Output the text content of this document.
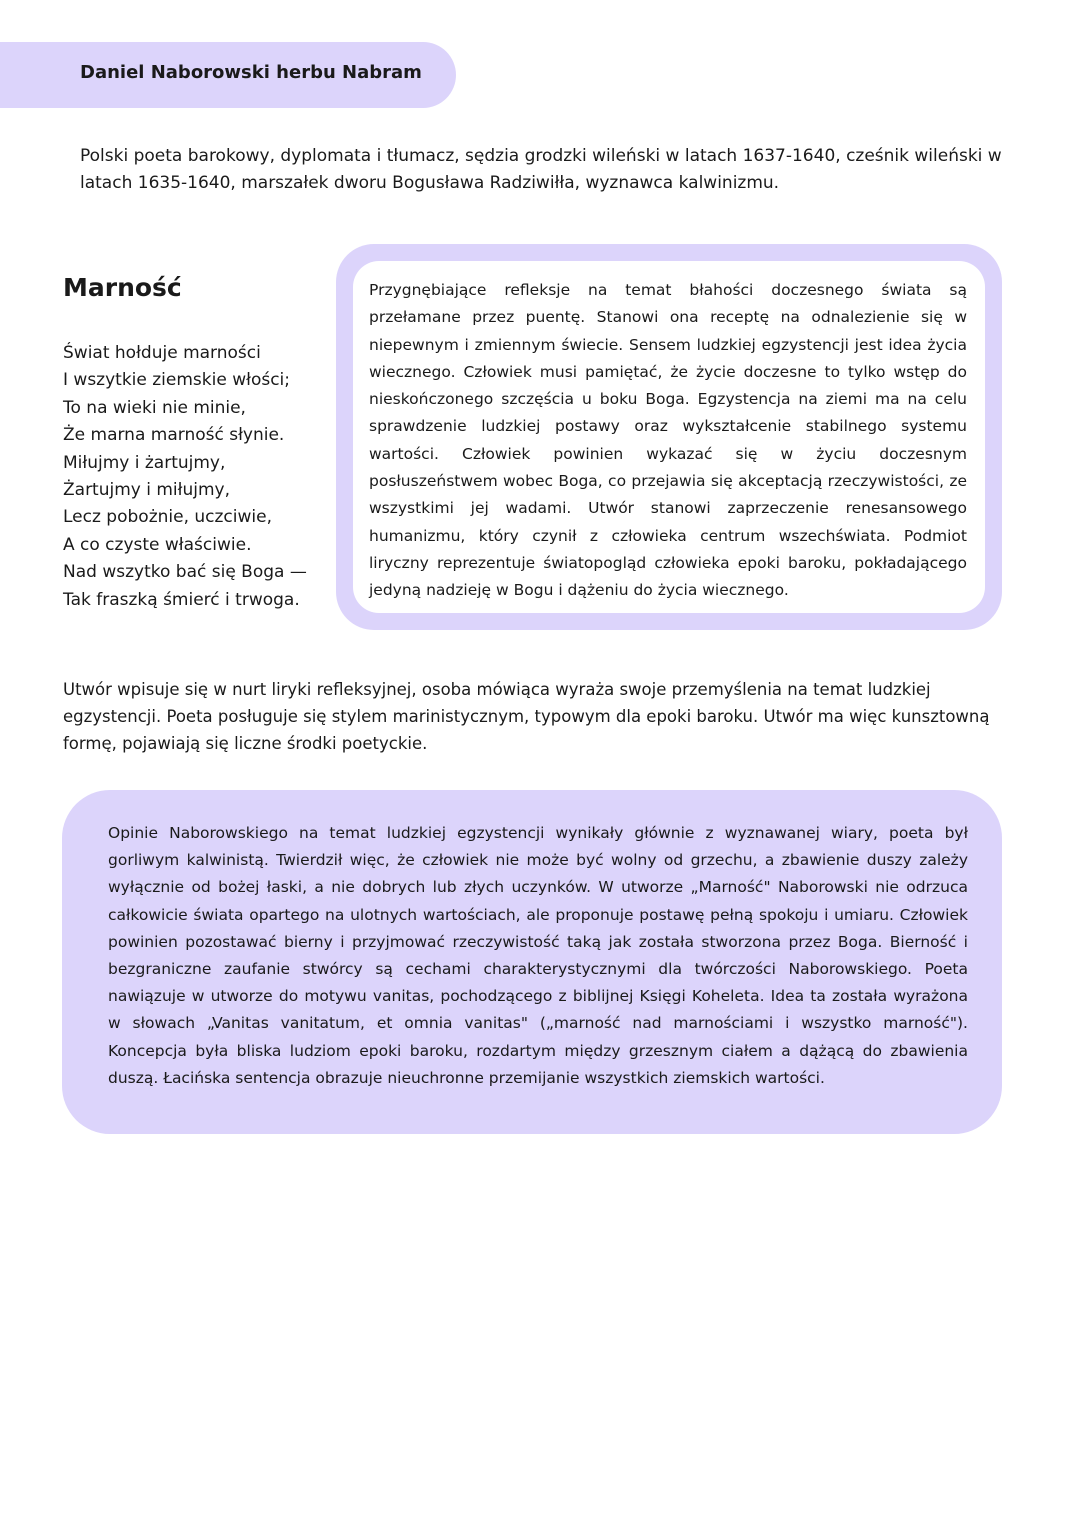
Daniel Naborowski herbu Nabram
Polski poeta barokowy, dyplomata i tłumacz, sędzia grodzki wileński w latach 1637-1640, cześnik wileński w latach 1635-1640, marszałek dworu Bogusława Radziwiłła, wyznawca kalwinizmu.
Marność
Świat hołduje marności
I wszytkie ziemskie włości;
To na wieki nie minie,
Że marna marność słynie.
Miłujmy i żartujmy,
Żartujmy i miłujmy,
Lecz pobożnie, uczciwie,
A co czyste właściwie.
Nad wszytko bać się Boga —
Tak fraszką śmierć i trwoga.
Przygnębiające refleksje na temat błahości doczesnego świata są przełamane przez puentę. Stanowi ona receptę na odnalezienie się w niepewnym i zmiennym świecie. Sensem ludzkiej egzystencji jest idea życia wiecznego. Człowiek musi pamiętać, że życie doczesne to tylko wstęp do nieskończonego szczęścia u boku Boga. Egzystencja na ziemi ma na celu sprawdzenie ludzkiej postawy oraz wykształcenie stabilnego systemu wartości. Człowiek powinien wykazać się w życiu doczesnym posłuszeństwem wobec Boga, co przejawia się akceptacją rzeczywistości, ze wszystkimi jej wadami. Utwór stanowi zaprzeczenie renesansowego humanizmu, który czynił z człowieka centrum wszechświata. Podmiot liryczny reprezentuje światopogląd człowieka epoki baroku, pokładającego jedyną nadzieję w Bogu i dążeniu do życia wiecznego.
Utwór wpisuje się w nurt liryki refleksyjnej, osoba mówiąca wyraża swoje przemyślenia na temat ludzkiej egzystencji. Poeta posługuje się stylem marinistycznym, typowym dla epoki baroku. Utwór ma więc kunsztowną formę, pojawiają się liczne środki poetyckie.
Opinie Naborowskiego na temat ludzkiej egzystencji wynikały głównie z wyznawanej wiary, poeta był gorliwym kalwinistą. Twierdził więc, że człowiek nie może być wolny od grzechu, a zbawienie duszy zależy wyłącznie od bożej łaski, a nie dobrych lub złych uczynków. W utworze „Marność" Naborowski nie odrzuca całkowicie świata opartego na ulotnych wartościach, ale proponuje postawę pełną spokoju i umiaru. Człowiek powinien pozostawać bierny i przyjmować rzeczywistość taką jak została stworzona przez Boga. Bierność i bezgraniczne zaufanie stwórcy są cechami charakterystycznymi dla twórczości Naborowskiego. Poeta nawiązuje w utworze do motywu vanitas, pochodzącego z biblijnej Księgi Koheleta. Idea ta została wyrażona w słowach „Vanitas vanitatum, et omnia vanitas" („marność nad marnościami i wszystko marność"). Koncepcja była bliska ludziom epoki baroku, rozdartym między grzesznym ciałem a dążącą do zbawienia duszą. Łacińska sentencja obrazuje nieuchronne przemijanie wszystkich ziemskich wartości.
